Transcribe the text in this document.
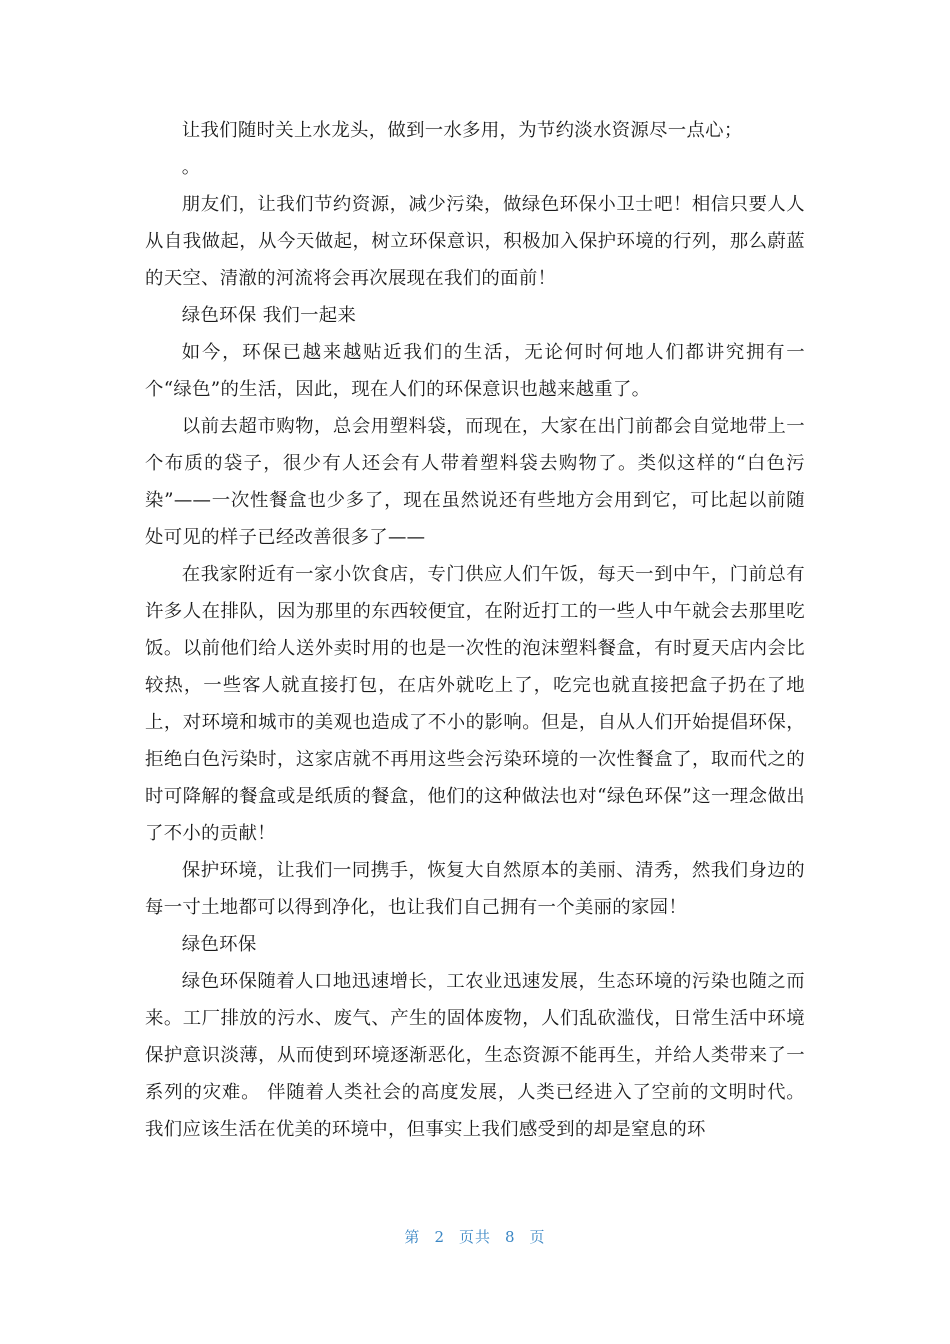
让我们随时关上水龙头，做到一水多用，为节约淡水资源尽一点心；

。

朋友们，让我们节约资源，减少污染，做绿色环保小卫士吧！相信只要人人从自我做起，从今天做起，树立环保意识，积极加入保护环境的行列，那么蔚蓝的天空、清澈的河流将会再次展现在我们的面前！

绿色环保 我们一起来

如今，环保已越来越贴近我们的生活，无论何时何地人们都讲究拥有一个“绿色”的生活，因此，现在人们的环保意识也越来越重了。

以前去超市购物，总会用塑料袋，而现在，大家在出门前都会自觉地带上一个布质的袋子，很少有人还会有人带着塑料袋去购物了。类似这样的“白色污染”——一次性餐盒也少多了，现在虽然说还有些地方会用到它，可比起以前随处可见的样子已经改善很多了——

在我家附近有一家小饮食店，专门供应人们午饭，每天一到中午，门前总有许多人在排队，因为那里的东西较便宜，在附近打工的一些人中午就会去那里吃饭。以前他们给人送外卖时用的也是一次性的泡沫塑料餐盒，有时夏天店内会比较热，一些客人就直接打包，在店外就吃上了，吃完也就直接把盒子扔在了地上，对环境和城市的美观也造成了不小的影响。但是，自从人们开始提倡环保，拒绝白色污染时，这家店就不再用这些会污染环境的一次性餐盒了，取而代之的时可降解的餐盒或是纸质的餐盒，他们的这种做法也对“绿色环保”这一理念做出了不小的贡献！

保护环境，让我们一同携手，恢复大自然原本的美丽、清秀，然我们身边的每一寸土地都可以得到净化，也让我们自己拥有一个美丽的家园！

绿色环保

绿色环保随着人口地迅速增长，工农业迅速发展，生态环境的污染也随之而来。工厂排放的污水、废气、产生的固体废物，人们乱砍滥伐，日常生活中环境保护意识淡薄，从而使到环境逐渐恶化，生态资源不能再生，并给人类带来了一系列的灾难。 伴随着人类社会的高度发展，人类已经进入了空前的文明时代。我们应该生活在优美的环境中，但事实上我们感受到的却是窒息的环

第 2 页共 8 页
